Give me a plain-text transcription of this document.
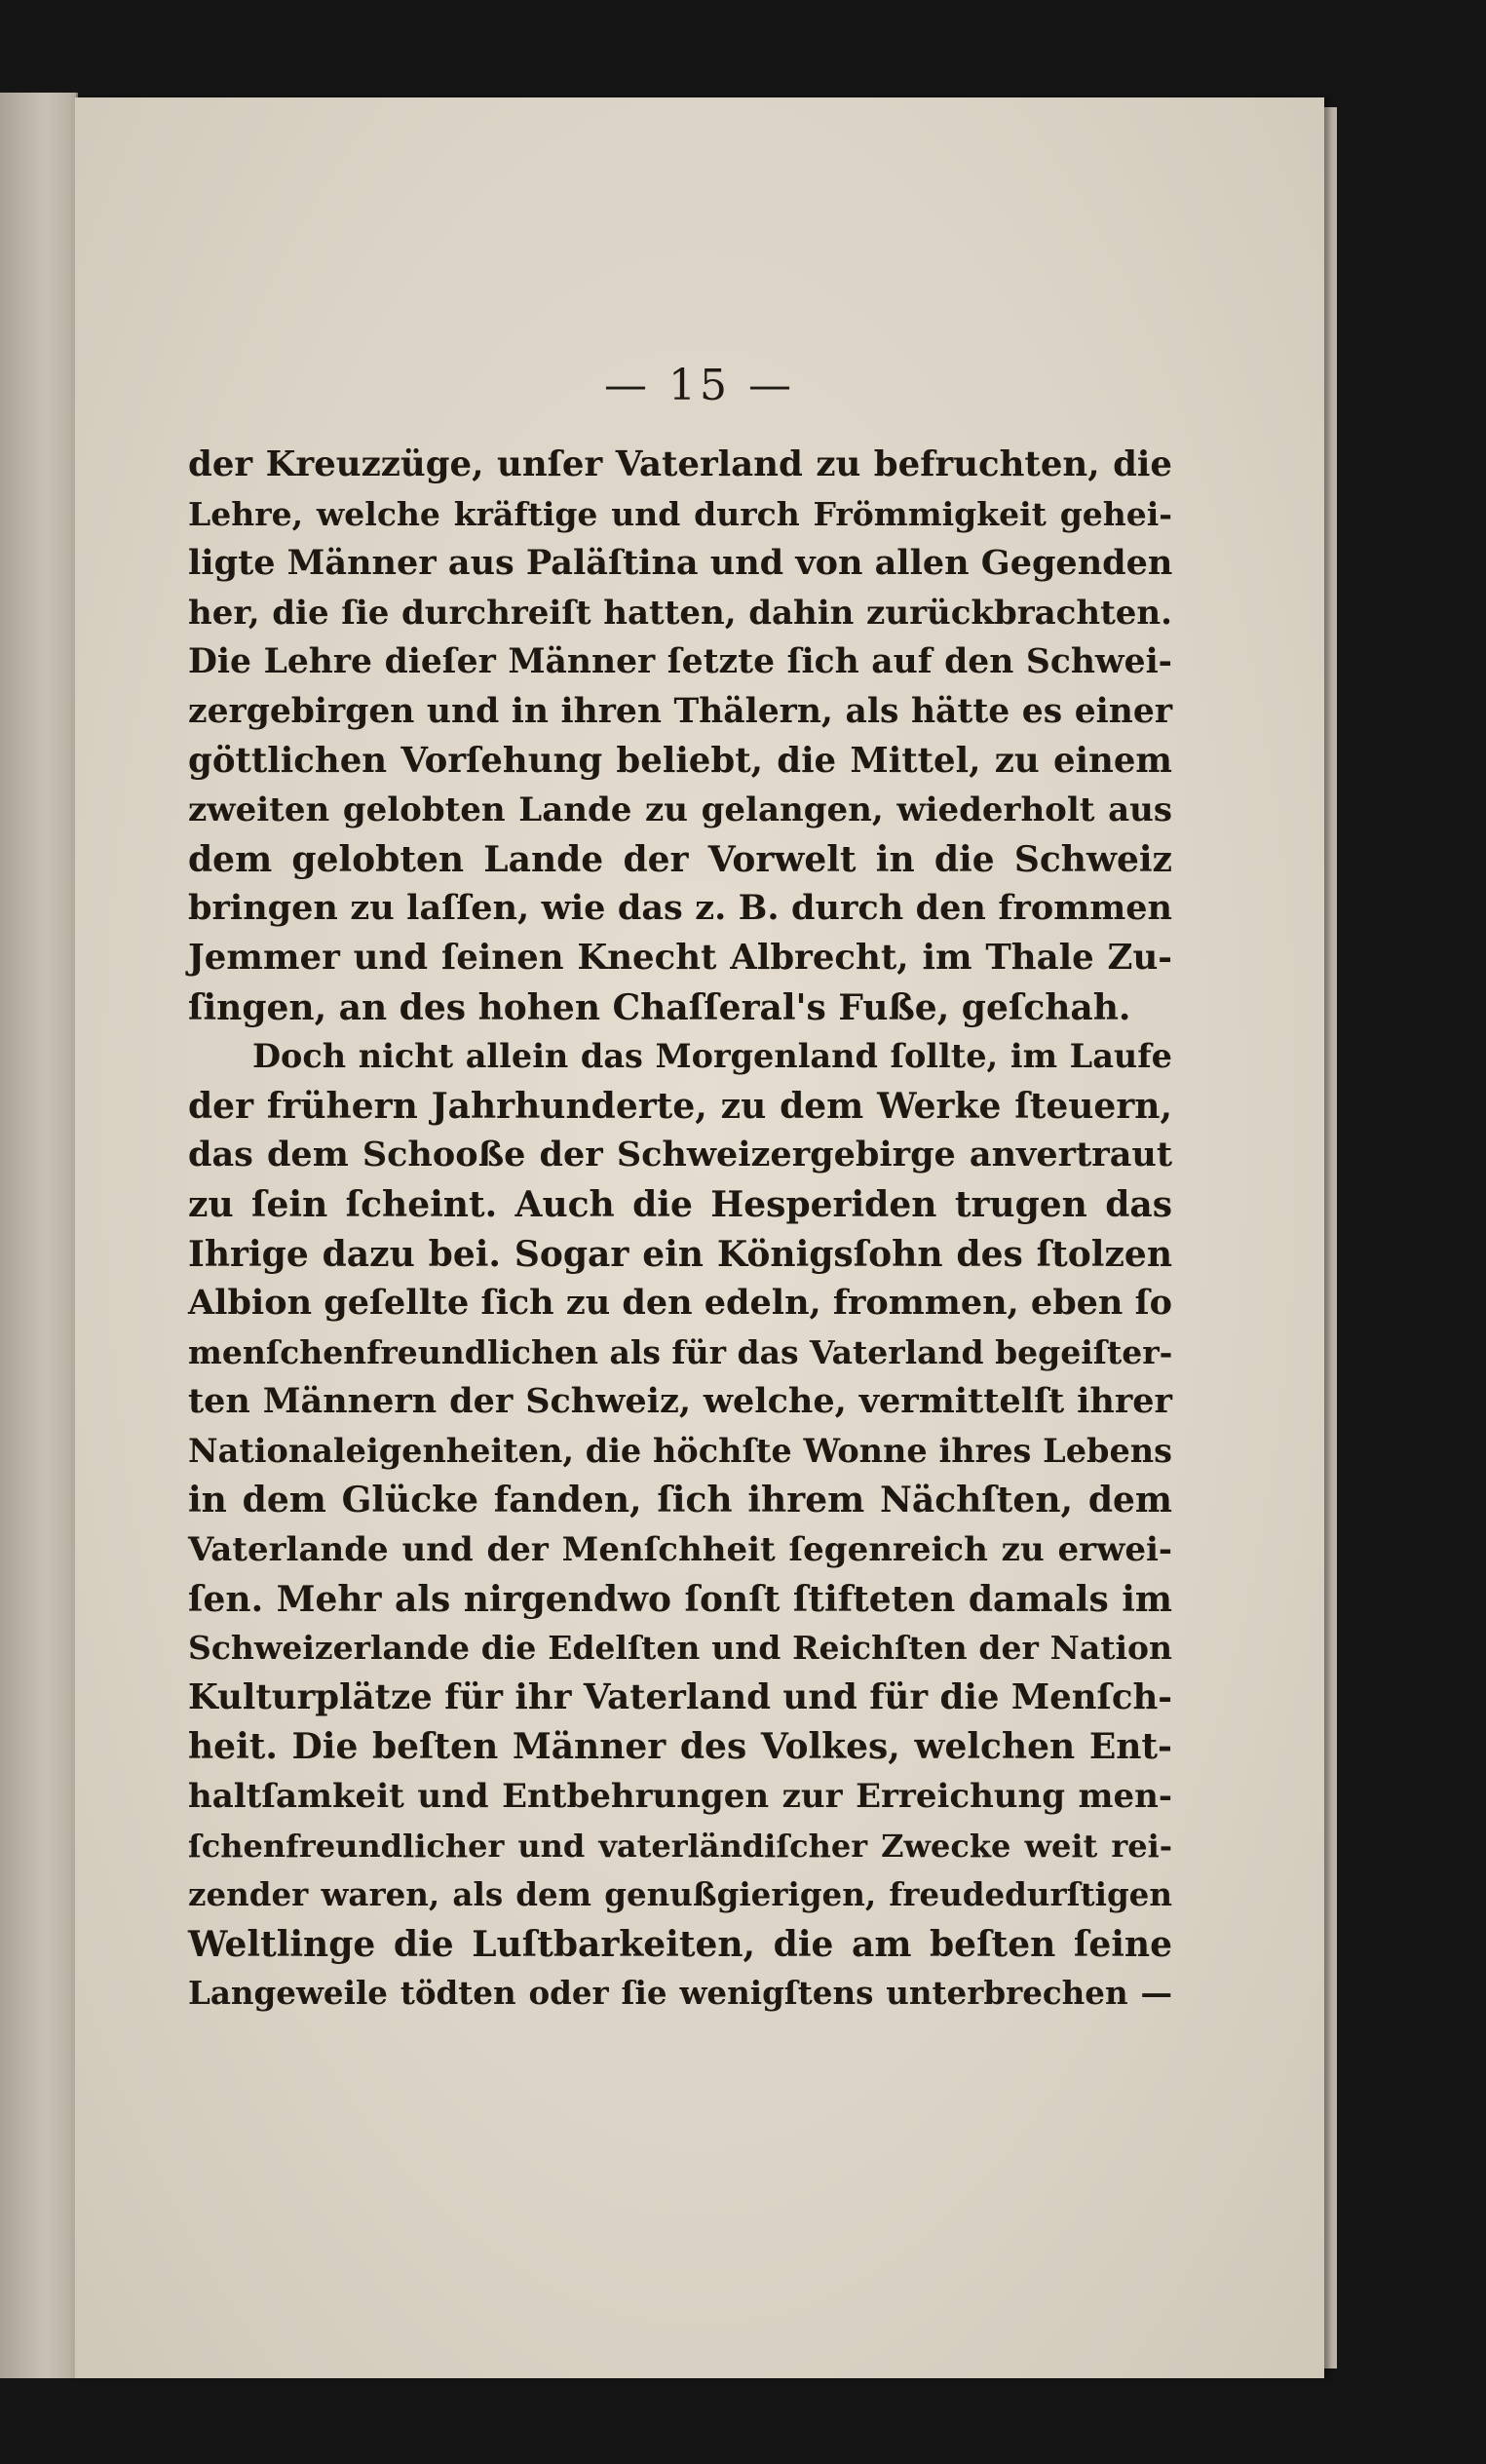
— 15 —
der Kreuzzüge, unſer Vaterland zu befruchten, die
Lehre, welche kräftige und durch Frömmigkeit gehei-
ligte Männer aus Paläſtina und von allen Gegenden
her, die ſie durchreiſt hatten, dahin zurückbrachten.
Die Lehre dieſer Männer ſetzte ſich auf den Schwei-
zergebirgen und in ihren Thälern, als hätte es einer
göttlichen Vorſehung beliebt, die Mittel, zu einem
zweiten gelobten Lande zu gelangen, wiederholt aus
dem gelobten Lande der Vorwelt in die Schweiz
bringen zu laſſen, wie das z. B. durch den frommen
Jemmer und ſeinen Knecht Albrecht, im Thale Zu-
ſingen, an des hohen Chaſſeral's Fuße, geſchah.
Doch nicht allein das Morgenland ſollte, im Laufe
der frühern Jahrhunderte, zu dem Werke ſteuern,
das dem Schooße der Schweizergebirge anvertraut
zu ſein ſcheint. Auch die Hesperiden trugen das
Ihrige dazu bei. Sogar ein Königsſohn des ſtolzen
Albion geſellte ſich zu den edeln, frommen, eben ſo
menſchenfreundlichen als für das Vaterland begeiſter-
ten Männern der Schweiz, welche, vermittelſt ihrer
Nationaleigenheiten, die höchſte Wonne ihres Lebens
in dem Glücke fanden, ſich ihrem Nächſten, dem
Vaterlande und der Menſchheit ſegenreich zu erwei-
ſen. Mehr als nirgendwo ſonſt ſtifteten damals im
Schweizerlande die Edelſten und Reichſten der Nation
Kulturplätze für ihr Vaterland und für die Menſch-
heit. Die beſten Männer des Volkes, welchen Ent-
haltſamkeit und Entbehrungen zur Erreichung men-
ſchenfreundlicher und vaterländiſcher Zwecke weit rei-
zender waren, als dem genußgierigen, freudedurſtigen
Weltlinge die Luſtbarkeiten, die am beſten ſeine
Langeweile tödten oder ſie wenigſtens unterbrechen —
